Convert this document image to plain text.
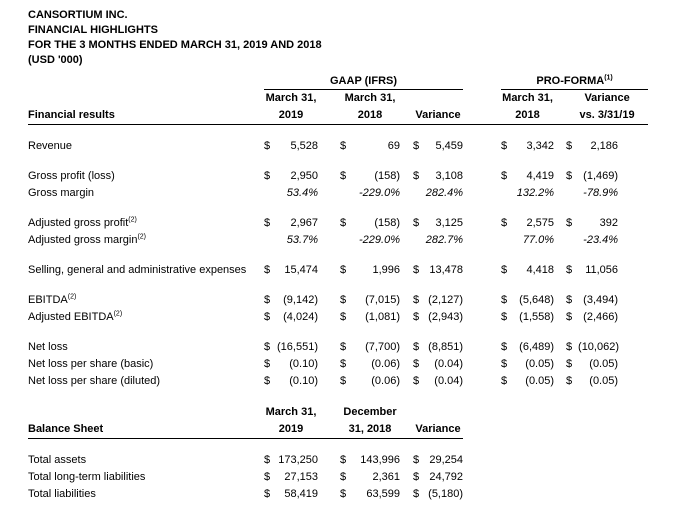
CANSORTIUM INC.
FINANCIAL HIGHLIGHTS
FOR THE 3 MONTHS ENDED MARCH 31, 2019 AND 2018
(USD '000)
	GAAP (IFRS)									PRO-FORMA$^{(1)}$
	March 31,			March 31,						March 31,			Variance		
Financial results	2019			2018			Variance			2018			vs. 3/31/19		

Revenue	$	5,528		$	69		$	5,459		$	3,342		$	2,186	

Gross profit (loss)	$	2,950		$	(158)		$	3,108		$	4,419		$	(1,469)	
Gross margin		53.4%			-229.0%			282.4%			132.2%			-78.9%	

Adjusted gross profit$^{(2)}$	$	2,967		$	(158)		$	3,125		$	2,575		$	392	
Adjusted gross margin$^{(2)}$		53.7%			-229.0%			282.7%			77.0%			-23.4%	

Selling, general and administrative expenses	$	15,474		$	1,996		$	13,478		$	4,418		$	11,056	

EBITDA$^{(2)}$	$	(9,142)		$	(7,015)		$	(2,127)		$	(5,648)		$	(3,494)	
Adjusted EBITDA$^{(2)}$	$	(4,024)		$	(1,081)		$	(2,943)		$	(1,558)		$	(2,466)	

Net loss	$	(16,551)		$	(7,700)		$	(8,851)		$	(6,489)		$	(10,062)	
Net loss per share (basic)	$	(0.10)		$	(0.06)		$	(0.04)		$	(0.05)		$	(0.05)	
Net loss per share (diluted)	$	(0.10)		$	(0.06)		$	(0.04)		$	(0.05)		$	(0.05)	
	March 31,			December					
Balance Sheet	2019			31, 2018			Variance		

Total assets	$	173,250		$	143,996		$	29,254	
Total long-term liabilities	$	27,153		$	2,361		$	24,792	
Total liabilities	$	58,419		$	63,599		$	(5,180)	
